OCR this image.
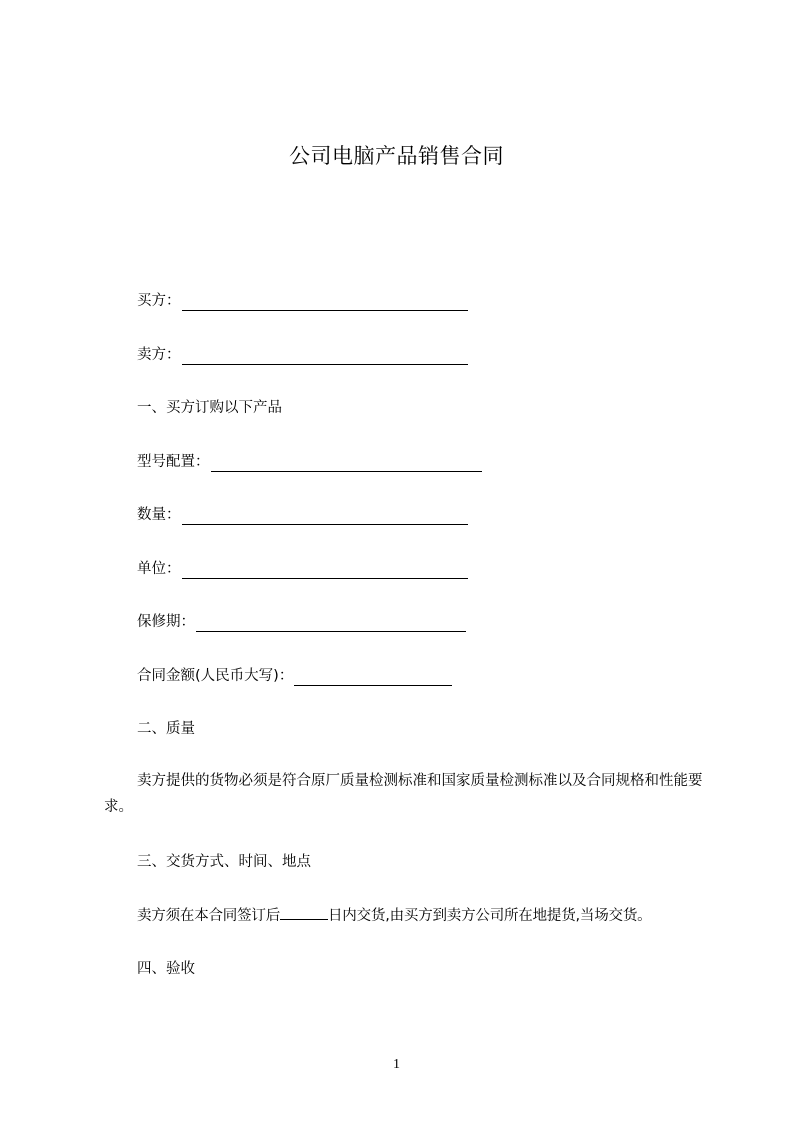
公司电脑产品销售合同
买方：
卖方：
一、买方订购以下产品
型号配置：
数量：
单位：
保修期：
合同金额(人民币大写)：
二、质量
卖方提供的货物必须是符合原厂质量检测标准和国家质量检测标准以及合同规格和性能要求。
三、交货方式、时间、地点
卖方须在本合同签订后	日内交货,由买方到卖方公司所在地提货,当场交货。
四、验收
1
